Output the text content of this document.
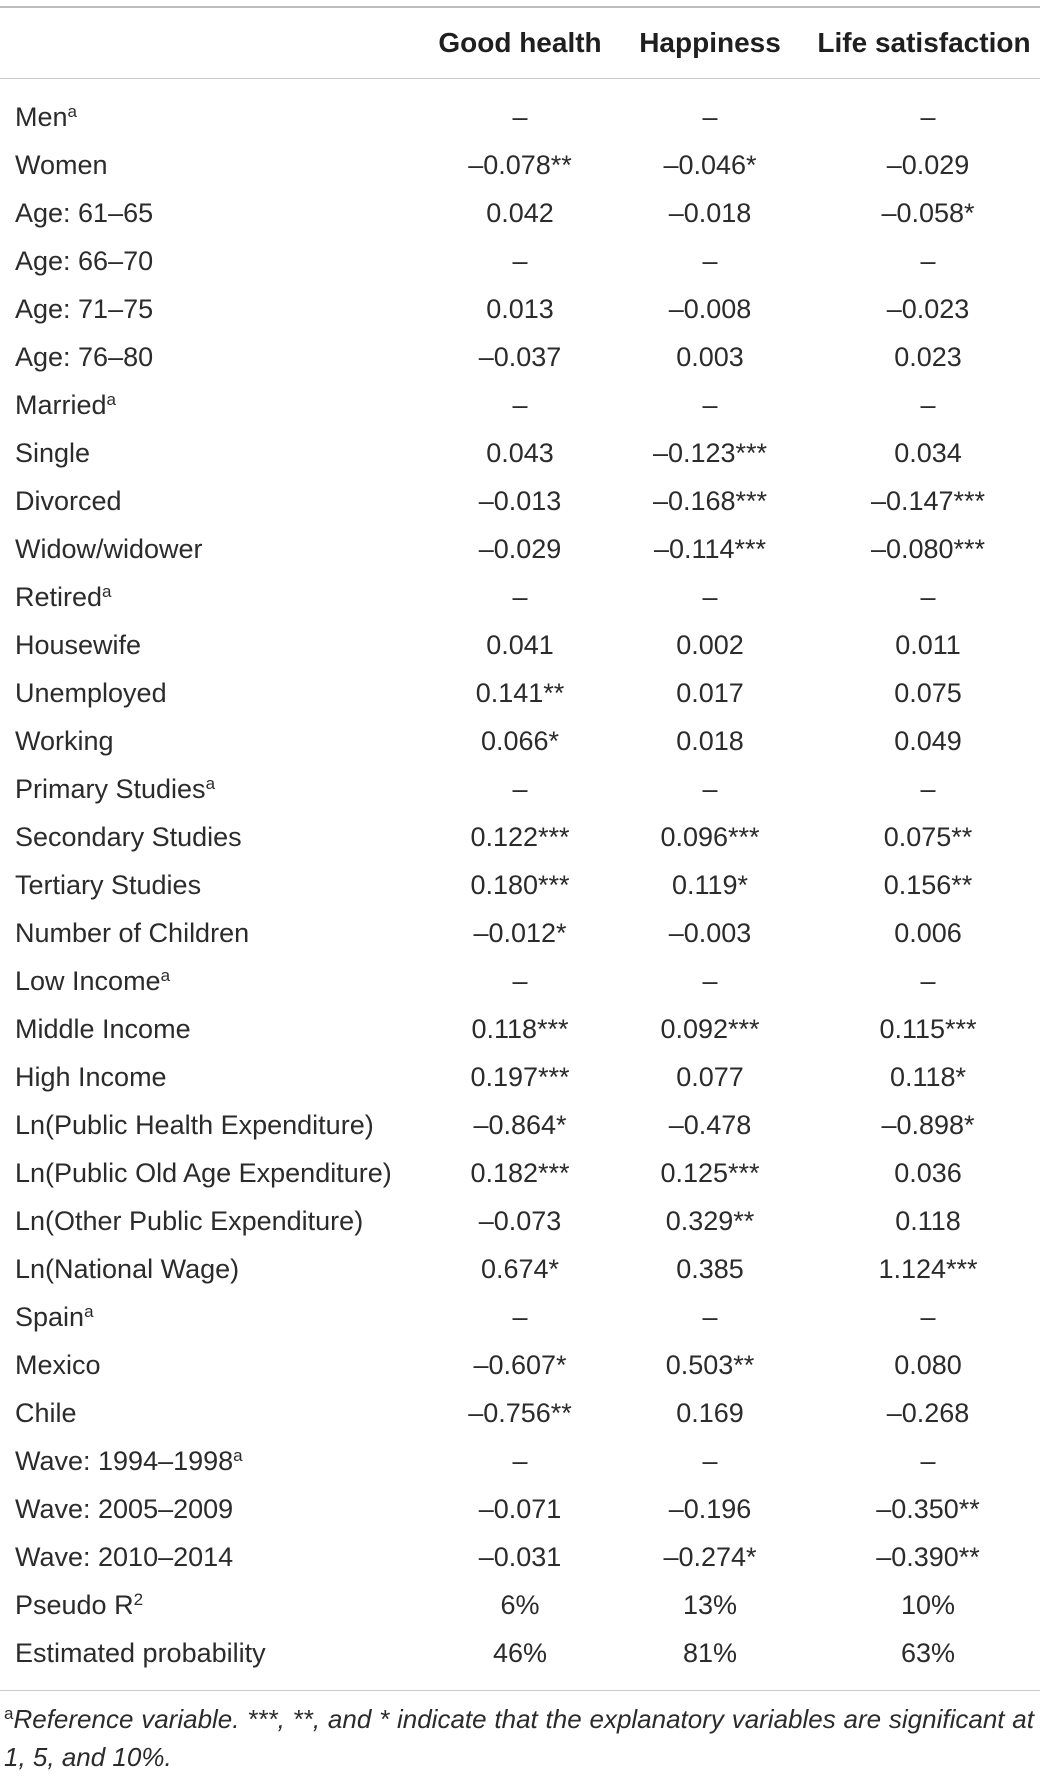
Good health	Happiness	Life satisfaction
Men$^a$	–	–	–
Women	–0.078**	–0.046*	–0.029
Age: 61–65	0.042	–0.018	–0.058*
Age: 66–70	–	–	–
Age: 71–75	0.013	–0.008	–0.023
Age: 76–80	–0.037	0.003	0.023
Married$^a$	–	–	–
Single	0.043	–0.123***	0.034
Divorced	–0.013	–0.168***	–0.147***
Widow/widower	–0.029	–0.114***	–0.080***
Retired$^a$	–	–	–
Housewife	0.041	0.002	0.011
Unemployed	0.141**	0.017	0.075
Working	0.066*	0.018	0.049
Primary Studies$^a$	–	–	–
Secondary Studies	0.122***	0.096***	0.075**
Tertiary Studies	0.180***	0.119*	0.156**
Number of Children	–0.012*	–0.003	0.006
Low Income$^a$	–	–	–
Middle Income	0.118***	0.092***	0.115***
High Income	0.197***	0.077	0.118*
Ln(Public Health Expenditure)	–0.864*	–0.478	–0.898*
Ln(Public Old Age Expenditure)	0.182***	0.125***	0.036
Ln(Other Public Expenditure)	–0.073	0.329**	0.118
Ln(National Wage)	0.674*	0.385	1.124***
Spain$^a$	–	–	–
Mexico	–0.607*	0.503**	0.080
Chile	–0.756**	0.169	–0.268
Wave: 1994–1998$^a$	–	–	–
Wave: 2005–2009	–0.071	–0.196	–0.350**
Wave: 2010–2014	–0.031	–0.274*	–0.390**
Pseudo $R^2$	6%	13%	10%
Estimated probability	46%	81%	63%
$^a$Reference variable. ***, **, and * indicate that the explanatory variables are significant at 1, 5, and 10%.
